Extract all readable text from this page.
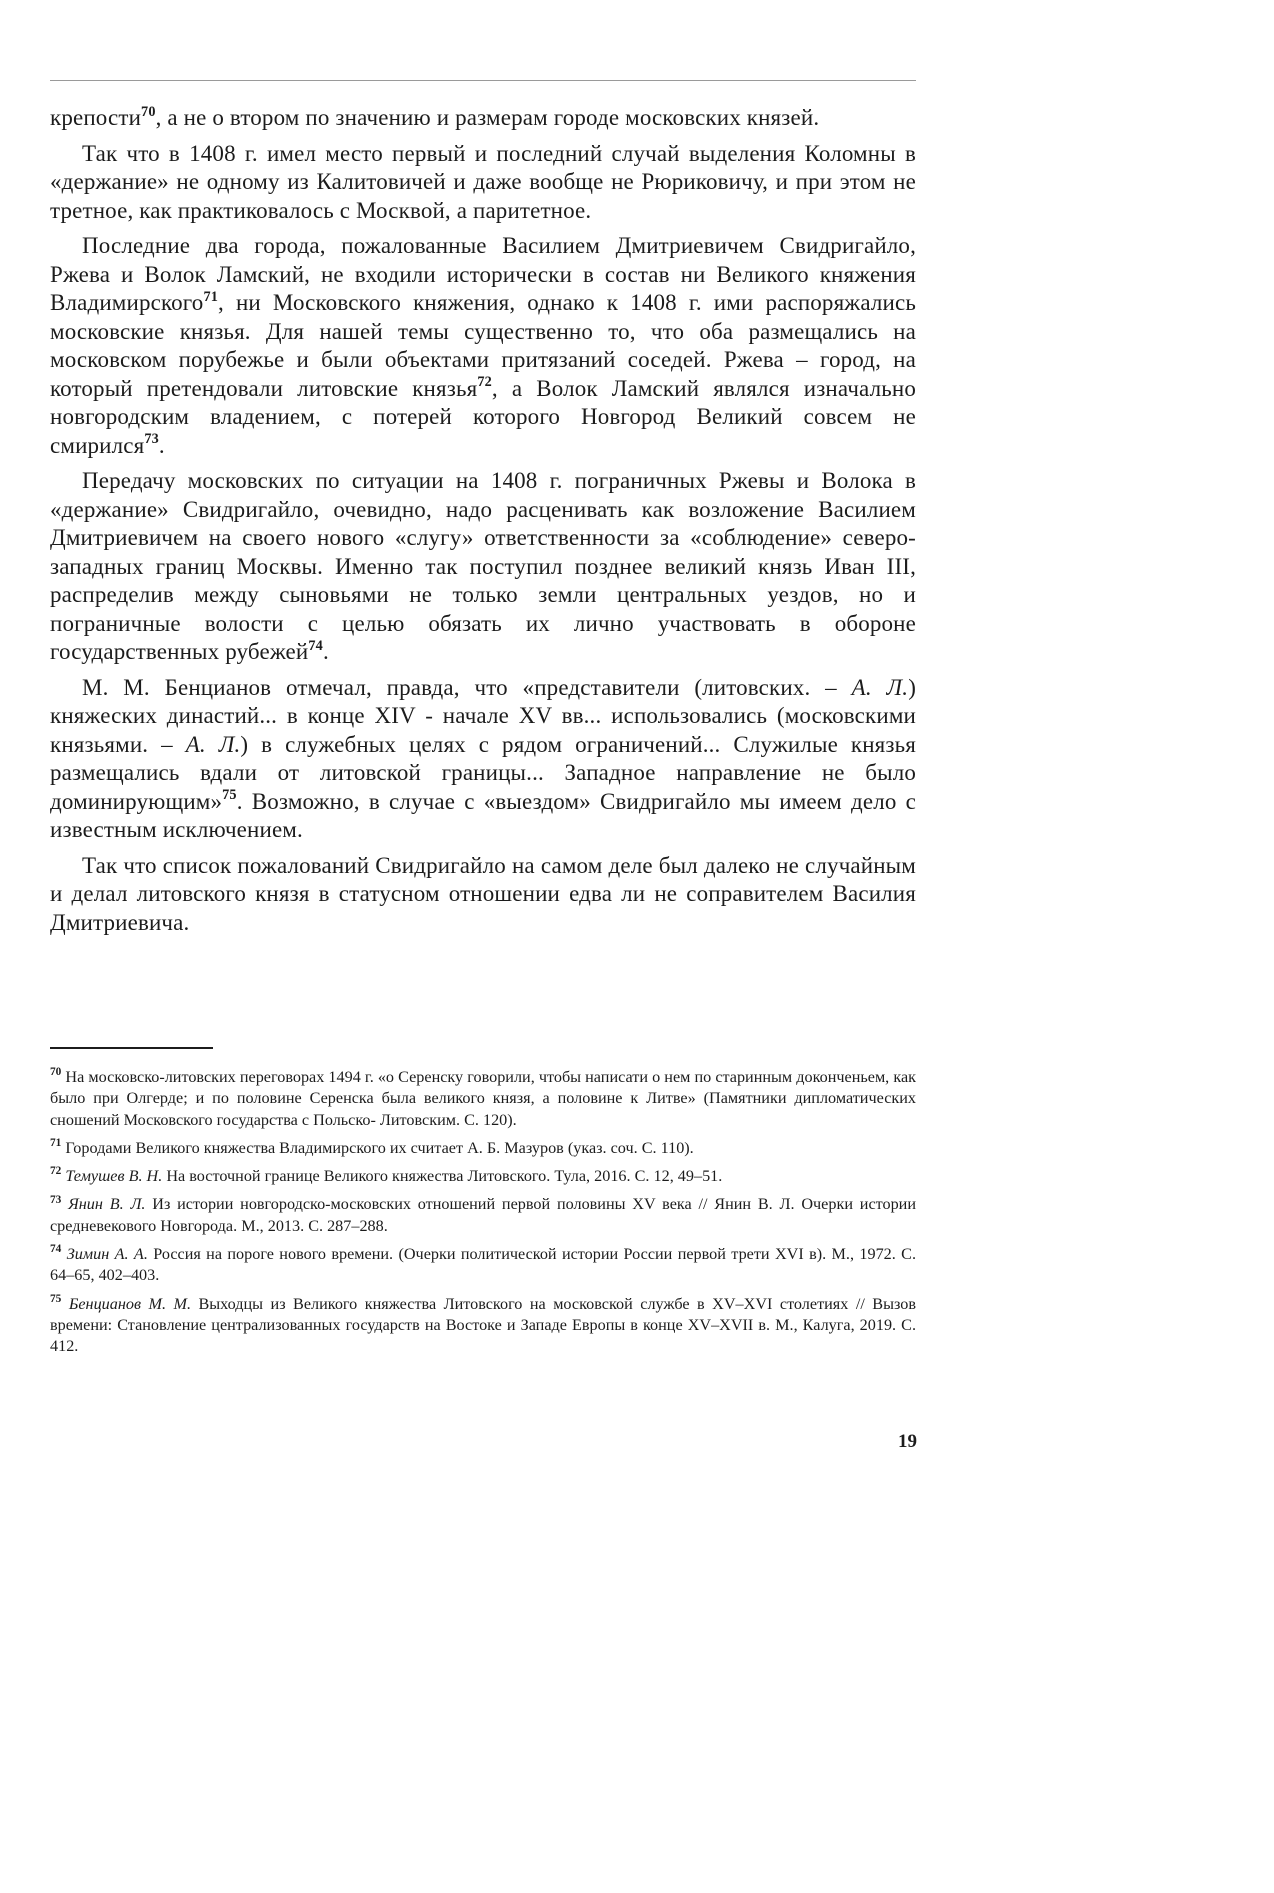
крепости$^{70}$, а не о втором по значению и размерам городе московских князей.

Так что в 1408 г. имел место первый и последний случай выделения Коломны в «держание» не одному из Калитовичей и даже вообще не Рюриковичу, и при этом не третное, как практиковалось с Москвой, а паритетное.

Последние два города, пожалованные Василием Дмитриевичем Свидригайло, Ржева и Волок Ламский, не входили исторически в состав ни Великого княжения Владимирского$^{71}$, ни Московского княжения, однако к 1408 г. ими распоряжались московские князья. Для нашей темы существенно то, что оба размещались на московском порубежье и были объектами притязаний соседей. Ржева – город, на который претендовали литовские князья$^{72}$, а Волок Ламский являлся изначально новгородским владением, с потерей которого Новгород Великий совсем не смирился$^{73}$.

Передачу московских по ситуации на 1408 г. пограничных Ржевы и Волока в «держание» Свидригайло, очевидно, надо расценивать как возложение Василием Дмитриевичем на своего нового «слугу» ответственности за «соблюдение» северо- западных границ Москвы. Именно так поступил позднее великий князь Иван III, распределив между сыновьями не только земли центральных уездов, но и пограничные волости с целью обязать их лично участвовать в обороне государственных рубежей$^{74}$.

М. М. Бенцианов отмечал, правда, что «представители (литовских. – А. Л.) княжеских династий... в конце XIV - начале XV вв... использовались (московскими князьями. – А. Л.) в служебных целях с рядом ограничений... Служилые князья размещались вдали от литовской границы... Западное направление не было доминирующим»$^{75}$. Возможно, в случае с «выездом» Свидригайло мы имеем дело с известным исключением.

Так что список пожалований Свидригайло на самом деле был далеко не случайным и делал литовского князя в статусном отношении едва ли не соправителем Василия Дмитриевича.

$^{70}$ На московско-литовских переговорах 1494 г. «о Серенску говорили, чтобы написати о нем по старинным доконченьем, как было при Олгерде; и по половине Серенска была великого князя, а половине к Литве» (Памятники дипломатических сношений Московского государства с Польско- Литовским. С. 120).

$^{71}$ Городами Великого княжества Владимирского их считает А. Б. Мазуров (указ. соч. С. 110).

$^{72}$ Темушев В. Н. На восточной границе Великого княжества Литовского. Тула, 2016. С. 12, 49–51.

$^{73}$ Янин В. Л. Из истории новгородско-московских отношений первой половины XV века // Янин В. Л. Очерки истории средневекового Новгорода. М., 2013. С. 287–288.

$^{74}$ Зимин А. А. Россия на пороге нового времени. (Очерки политической истории России первой трети XVI в). М., 1972. С. 64–65, 402–403.

$^{75}$ Бенцианов М. М. Выходцы из Великого княжества Литовского на московской службе в XV–XVI столетиях // Вызов времени: Становление централизованных государств на Востоке и Западе Европы в конце XV–XVII в. М., Калуга, 2019. С. 412.

19
